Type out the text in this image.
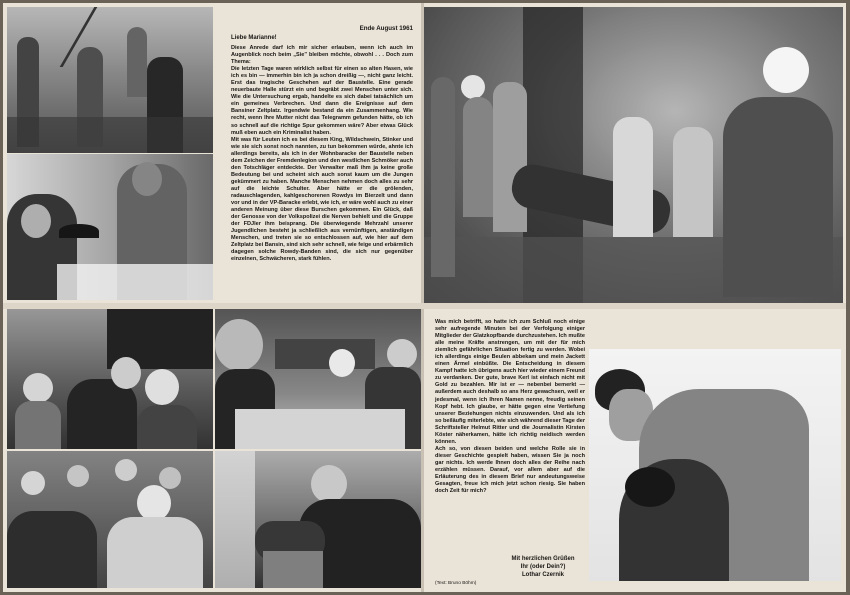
Ende August 1961
Liebe Marianne!

Diese Anrede darf ich mir sicher erlauben, wenn ich auch im Augenblick noch beim „Sie" bleiben möchte, obwohl . . . Doch zum Thema:
Die letzten Tage waren wirklich selbst für einen so alten Hasen, wie ich es bin — immerhin bin ich ja schon dreißig —, nicht ganz leicht. Erst das tragische Geschehen auf der Baustelle. Eine gerade neuerbaute Halle stürzt ein und begräbt zwei Menschen unter sich. Wie die Untersuchung ergab, handelte es sich dabei tatsächlich um ein gemeines Verbrechen. Und dann die Ereignisse auf dem Bansiner Zeltplatz. Irgendwie bestand da ein Zusammenhang. Wie recht, wenn Ihre Mutter nicht das Telegramm gefunden hätte, ob ich so schnell auf die richtige Spur gekommen wäre? Aber etwas Glück muß eben auch ein Kriminalist haben.
Mit was für Leuten ich es bei diesem King, Wildschwein, Stinker und wie sie sich sonst noch nannten, zu tun bekommen würde, ahnte ich allerdings bereits, als ich in der Wohnbaracke der Baustelle neben dem Zeichen der Fremdenlegion und den westlichen Schmöker auch den Totschläger entdeckte. Der Verwalter maß ihm ja keine große Bedeutung bei und scheint sich auch sonst kaum um die Jungen gekümmert zu haben. Manche Menschen nehmen doch alles zu sehr auf die leichte Schulter. Aber hätte er die grölenden, radauschlagenden, kahlgeschorenen Rowdys im Bierzelt und dann vor und in der VP-Baracke erlebt, wie ich, er wäre wohl auch zu einer anderen Meinung über diese Burschen gekommen. Ein Glück, daß der Genosse von der Volkspolizei die Nerven behielt und die Gruppe der FDJler ihm beisprang. Die überwiegende Mehrzahl unserer Jugendlichen besteht ja schließlich aus vernünftigen, anständigen Menschen, und treten sie so entschlossen auf, wie hier auf dem Zeltplatz bei Bansin, sind sich sehr schnell, wie feige und erbärmlich dagegen solche Rowdy-Banden sind, die sich nur gegenüber einzelnen, Schwächeren, stark fühlen.

Was mich betrifft, so hatte ich zum Schluß noch einige sehr aufregende Minuten bei der Verfolgung einiger Mitglieder der Glatzkopfbande durchzustehen. Ich mußte alle meine Kräfte anstrengen, um mit der für mich ziemlich gefährlichen Situation fertig zu werden. Wobei ich allerdings einige Beulen abbekam und mein Jackett einen Ärmel einbüßte. Die Entscheidung in diesem Kampf hatte ich übrigens auch hier wieder einem Freund zu verdanken. Der gute, brave Kerl ist einfach nicht mit Gold zu bezahlen. Mir ist er — nebenbei bemerkt — außerdem auch deshalb so ans Herz gewachsen, weil er jedesmal, wenn ich Ihren Namen nenne, freudig seinen Kopf hebt. Ich glaube, er hätte gegen eine Vertiefung unserer Beziehungen nichts einzuwenden. Und als ich so beiläufig miterlebte, wie sich während dieser Tage der Schriftsteller Helmut Ritter und die Journalistin Kirsten Köster näherkamen, hätte ich richtig neidisch werden können.
Ach so, von diesen beiden und welche Rolle sie in dieser Geschichte gespielt haben, wissen Sie ja noch gar nichts. Ich werde Ihnen doch alles der Reihe nach erzählen müssen. Darauf, vor allem aber auf die Erläuterung des in diesem Brief nur andeutungsweise Gesagten, freue ich mich jetzt schon riesig. Sie haben doch Zeit für mich?

Mit herzlichen Grüßen
Ihr (oder Dein?)
Lothar Czernik
(Text: Bruno Böhm)
